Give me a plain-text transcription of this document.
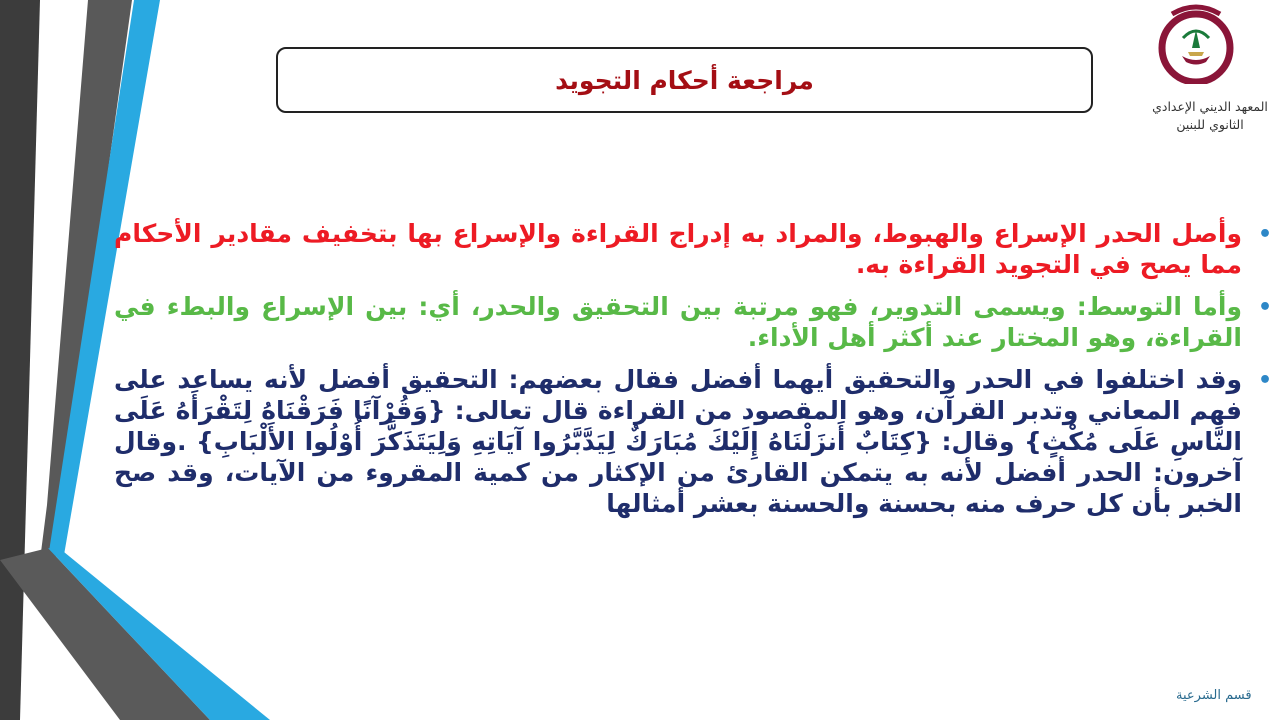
مراجعة أحكام التجويد
المعهد الديني الإعدادي
الثانوي للبنين
•
وأصل الحدر الإسراع والهبوط، والمراد به إدراج القراءة والإسراع بها بتخفيف مقادير الأحكام مما يصح في التجويد القراءة به.
•
وأما التوسط: ويسمى التدوير، فهو مرتبة بين التحقيق والحدر، أي: بين الإسراع والبطء في القراءة، وهو المختار عند أكثر أهل الأداء.
•
وقد اختلفوا في الحدر والتحقيق أيهما أفضل فقال بعضهم: التحقيق أفضل لأنه يساعد على فهم المعاني وتدبر القرآن، وهو المقصود من القراءة قال تعالى: {وَقُرْآنًا فَرَقْنَاهُ لِتَقْرَأَهُ عَلَى النَّاسِ عَلَى مُكْثٍ} وقال: {كِتَابٌ أَنزَلْنَاهُ إِلَيْكَ مُبَارَكٌ لِيَدَّبَّرُوا آيَاتِهِ وَلِيَتَذَكَّرَ أُوْلُوا الأَلْبَابِ} .وقال آخرون: الحدر أفضل لأنه به يتمكن القارئ من الإكثار من كمية المقروء من الآيات، وقد صح الخبر بأن كل حرف منه بحسنة والحسنة بعشر أمثالها
قسم الشرعية
